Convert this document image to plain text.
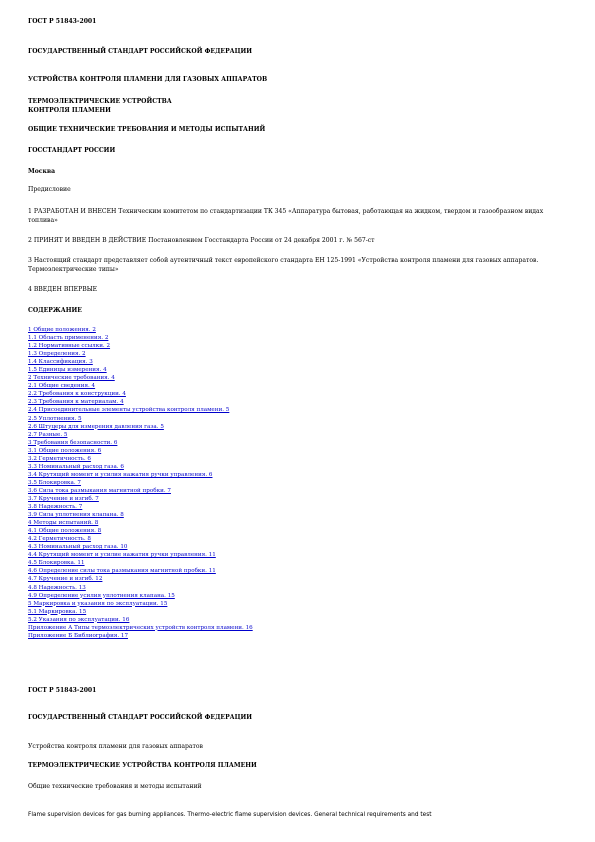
ГОСТ Р 51843-2001
ГОСУДАРСТВЕННЫЙ СТАНДАРТ РОССИЙСКОЙ ФЕДЕРАЦИИ
УСТРОЙСТВА КОНТРОЛЯ ПЛАМЕНИ ДЛЯ ГАЗОВЫХ АППАРАТОВ
ТЕРМОЭЛЕКТРИЧЕСКИЕ УСТРОЙСТВА
КОНТРОЛЯ ПЛАМЕНИ
ОБЩИЕ ТЕХНИЧЕСКИЕ ТРЕБОВАНИЯ И МЕТОДЫ ИСПЫТАНИЙ
ГОССТАНДАРТ РОССИИ
Москва
Предисловие
1 РАЗРАБОТАН И ВНЕСЕН Техническим комитетом по стандартизации ТК 345 «Аппаратура бытовая, работающая на жидком, твердом и газообразном видах топлива»
2 ПРИНЯТ И ВВЕДЕН В ДЕЙСТВИЕ Постановлением Госстандарта России от 24 декабря 2001 г. № 567-ст
3 Настоящий стандарт представляет собой аутентичный текст европейского стандарта ЕН 125-1991 «Устройства контроля пламени для газовых аппаратов. Термоэлектрические типы»
4 ВВЕДЕН ВПЕРВЫЕ
СОДЕРЖАНИЕ
1 Общие положения. 2
1.1 Область применения. 2
1.2 Нормативные ссылки. 2
1.3 Определения. 2
1.4 Классификация. 3
1.5 Единицы измерения. 4
2 Технические требования. 4
2.1 Общие сведения. 4
2.2 Требования к конструкции. 4
2.3 Требования к материалам. 4
2.4 Присоединительные элементы устройства контроля пламени. 5
2.5 Уплотнения. 5
2.6 Штуцеры для измерения давления газа. 5
2.7 Разные. 5
3 Требования безопасности. 6
3.1 Общие положения. 6
3.2 Герметичность. 6
3.3 Номинальный расход газа. 6
3.4 Крутящий момент и усилия нажатия ручки управления. 6
3.5 Блокировка. 7
3.6 Сила тока размыкания магнитной пробки. 7
3.7 Кручение и изгиб. 7
3.8 Надежность. 7
3.9 Сила уплотнения клапана. 8
4 Методы испытаний. 8
4.1 Общие положения. 8
4.2 Герметичность. 8
4.3 Номинальный расход газа. 10
4.4 Крутящий момент и усилие нажатия ручки управления. 11
4.5 Блокировка. 11
4.6 Определение силы тока размыкания магнитной пробки. 11
4.7 Кручение и изгиб. 12
4.8 Надежность. 13
4.9 Определение усилия уплотнения клапана. 15
5 Маркировка и указания по эксплуатации. 15
5.1 Маркировка. 15
5.2 Указания по эксплуатации. 16
Приложение А Типы термоэлектрических устройств контроля пламени. 16
Приложение Б Библиография. 17
ГОСТ Р 51843-2001
ГОСУДАРСТВЕННЫЙ СТАНДАРТ РОССИЙСКОЙ ФЕДЕРАЦИИ
Устройства контроля пламени для газовых аппаратов
ТЕРМОЭЛЕКТРИЧЕСКИЕ УСТРОЙСТВА КОНТРОЛЯ ПЛАМЕНИ
Общие технические требования и методы испытаний
Flame supervision devices for gas burning appliances. Thermo-electric flame supervision devices. General technical requirements and test
